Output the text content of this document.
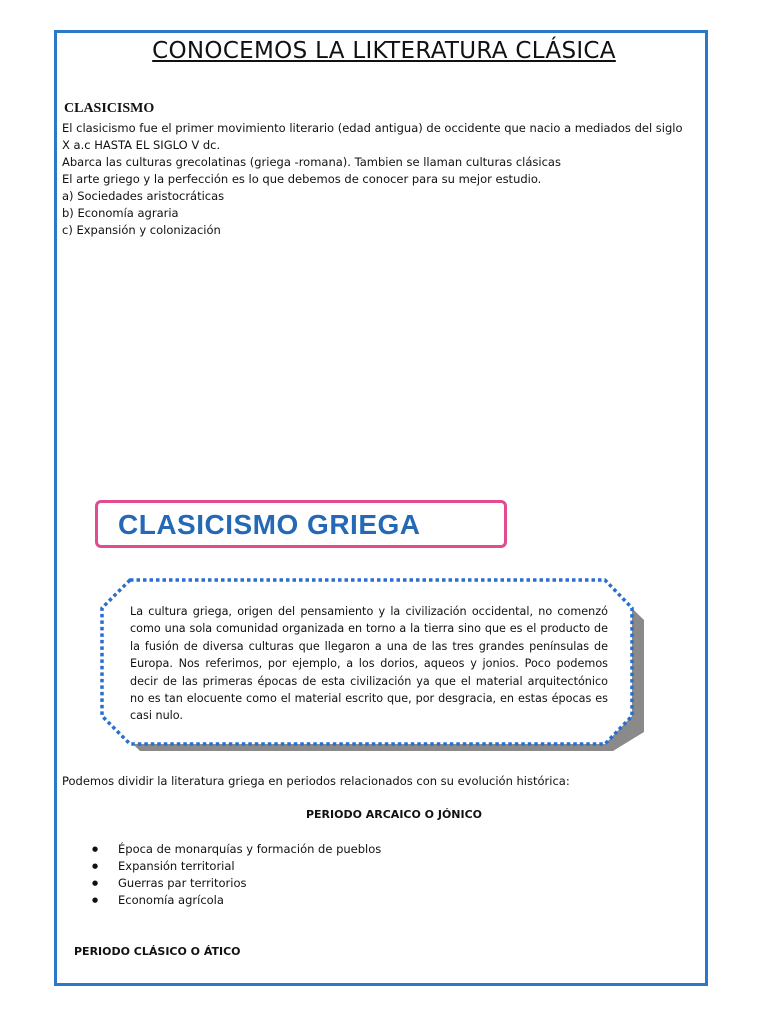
CONOCEMOS LA LIKTERATURA CLÁSICA
CLASICISMO

El clasicismo fue el primer movimiento literario (edad antigua) de occidente que nacio a mediados del siglo

X a.c HASTA EL SIGLO V dc.

Abarca las culturas grecolatinas (griega -romana). Tambien se llaman culturas clásicas

El arte griego y la perfección es lo que debemos de conocer para su mejor estudio.

a) Sociedades aristocráticas

b) Economía agraria

c) Expansión y colonización

CLASICISMO GRIEGA
La cultura griega, origen del pensamiento y la civilización occidental, no comenzó como una sola comunidad organizada en torno a la tierra sino que es el producto de la fusión de diversa culturas que llegaron a una de las tres grandes penínsulas de Europa. Nos referimos, por ejemplo, a los dorios, aqueos y jonios. Poco podemos decir de las primeras épocas de esta civilización ya que el material arquitectónico no es tan elocuente como el material escrito que, por desgracia, en estas épocas es casi nulo.
Podemos dividir la literatura griega en periodos relacionados con su evolución histórica:
PERIODO ARCAICO O JÓNICO
● Época de monarquías y formación de pueblos
● Expansión territorial
● Guerras par territorios
● Economía agrícola
PERIODO CLÁSICO O ÁTICO
